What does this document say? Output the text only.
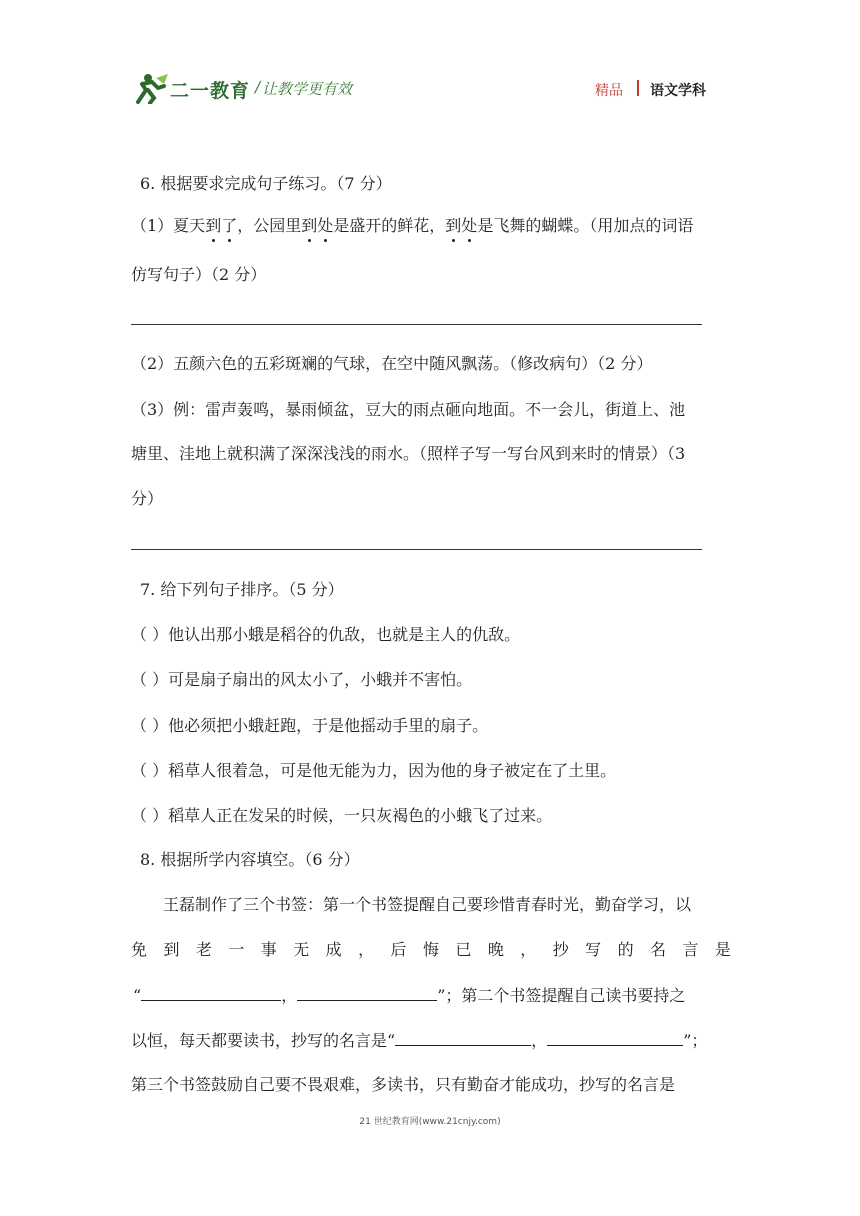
二一教育 / 让教学更有效	精品 语文学科
6. 根据要求完成句子练习。（7 分）
（1）夏天到了，公园里到处是盛开的鲜花，到处是飞舞的蝴蝶。（用加点的词语
仿写句子）（2 分）
（2）五颜六色的五彩斑斓的气球，在空中随风飘荡。（修改病句）（2 分）
（3）例：雷声轰鸣，暴雨倾盆，豆大的雨点砸向地面。不一会儿，街道上、池
塘里、洼地上就积满了深深浅浅的雨水。（照样子写一写台风到来时的情景）（3
分）
7. 给下列句子排序。（5 分）
（ ）他认出那小蛾是稻谷的仇敌，也就是主人的仇敌。
（ ）可是扇子扇出的风太小了，小蛾并不害怕。
（ ）他必须把小蛾赶跑，于是他摇动手里的扇子。
（ ）稻草人很着急，可是他无能为力，因为他的身子被定在了土里。
（ ）稻草人正在发呆的时候，一只灰褐色的小蛾飞了过来。
8. 根据所学内容填空。（6 分）
王磊制作了三个书签：第一个书签提醒自己要珍惜青春时光，勤奋学习，以
免 到 老 一 事 无 成 ， 后 悔 已 晚 ， 抄 写 的 名 言 是
“	，	”；第二个书签提醒自己读书要持之
以恒，每天都要读书，抄写的名言是“	，	”；
第三个书签鼓励自己要不畏艰难，多读书，只有勤奋才能成功，抄写的名言是
21 世纪教育网(www.21cnjy.com)
